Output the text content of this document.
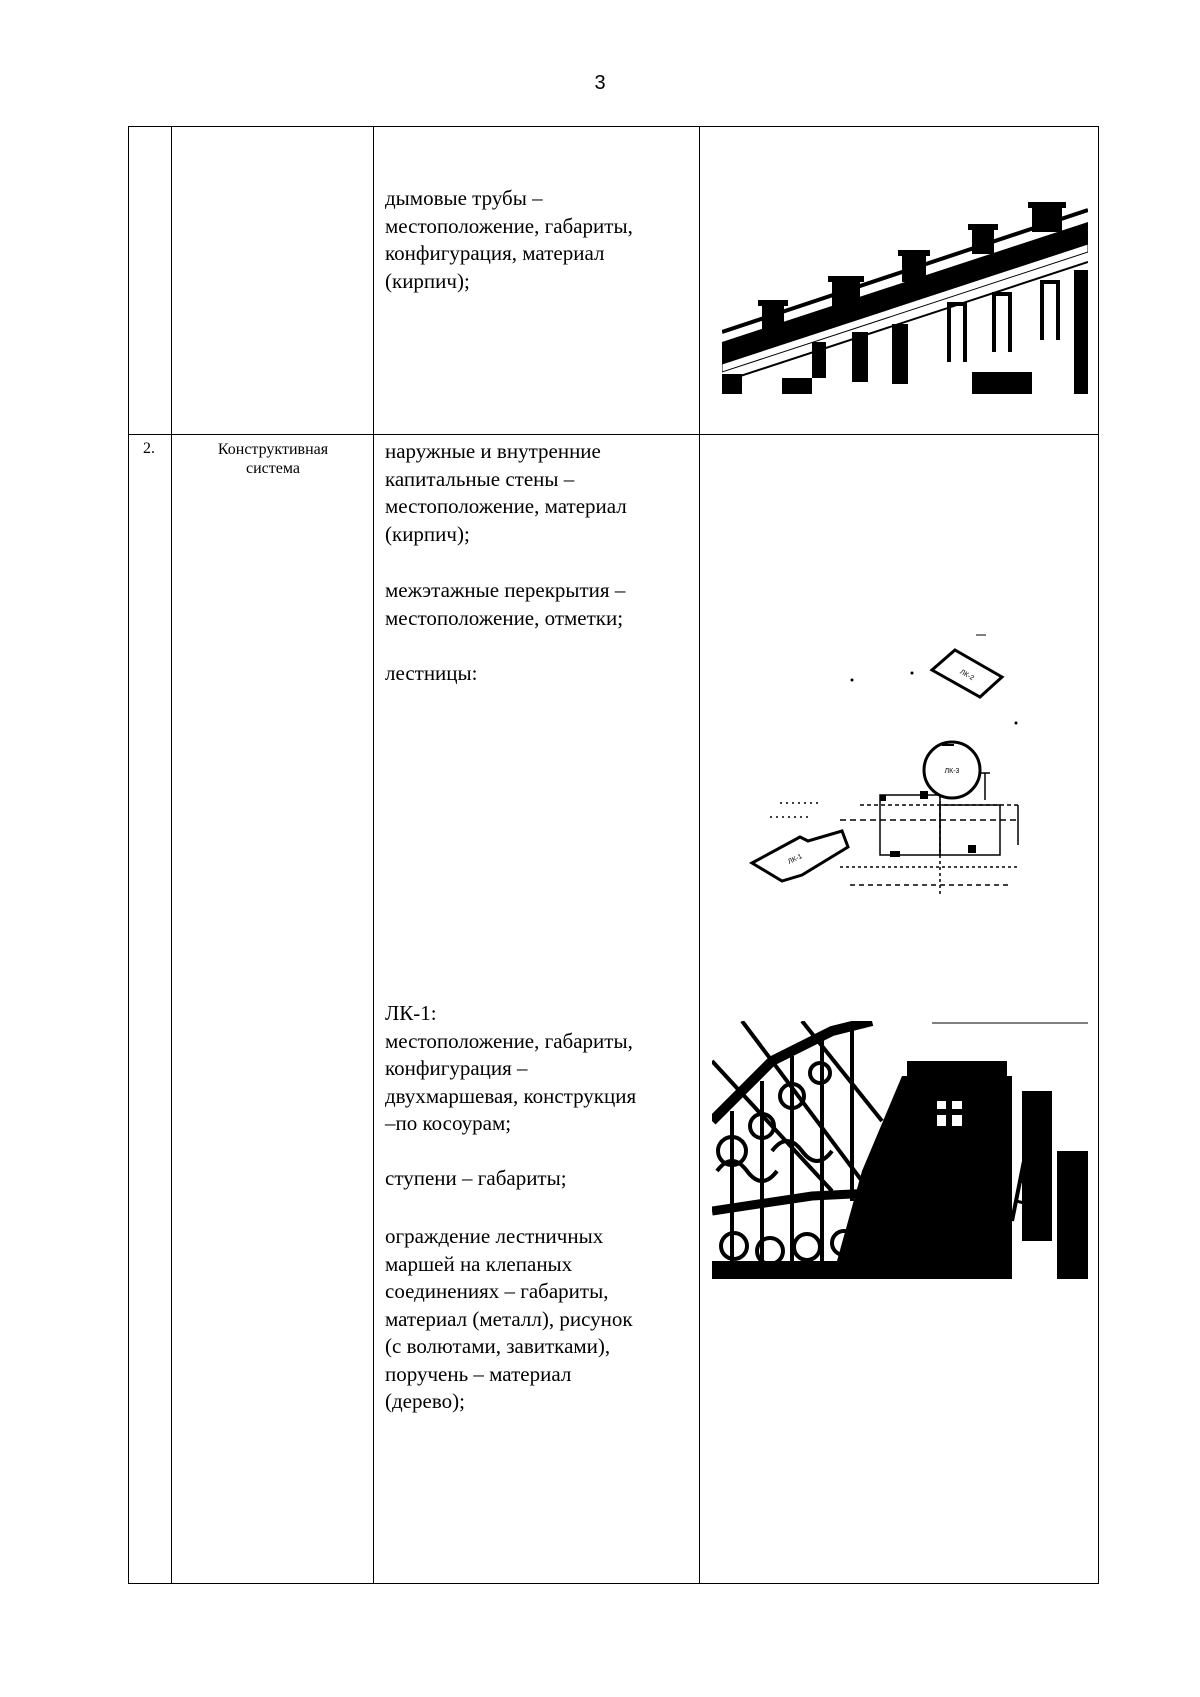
3
дымовые трубы –
местоположение, габариты,
конфигурация, материал
(кирпич);
2.	Конструктивная
система
наружные и внутренние
капитальные стены –
местоположение, материал
(кирпич);
межэтажные перекрытия –
местоположение, отметки;
лестницы:
ЛК-1:
местоположение, габариты,
конфигурация –
двухмаршевая, конструкция
–по косоурам;
ступени – габариты;
ограждение лестничных
маршей на клепаных
соединениях – габариты,
материал (металл), рисунок
(с волютами, завитками),
поручень – материал
(дерево);
ЛК-2
ЛК-3
ЛК-1
